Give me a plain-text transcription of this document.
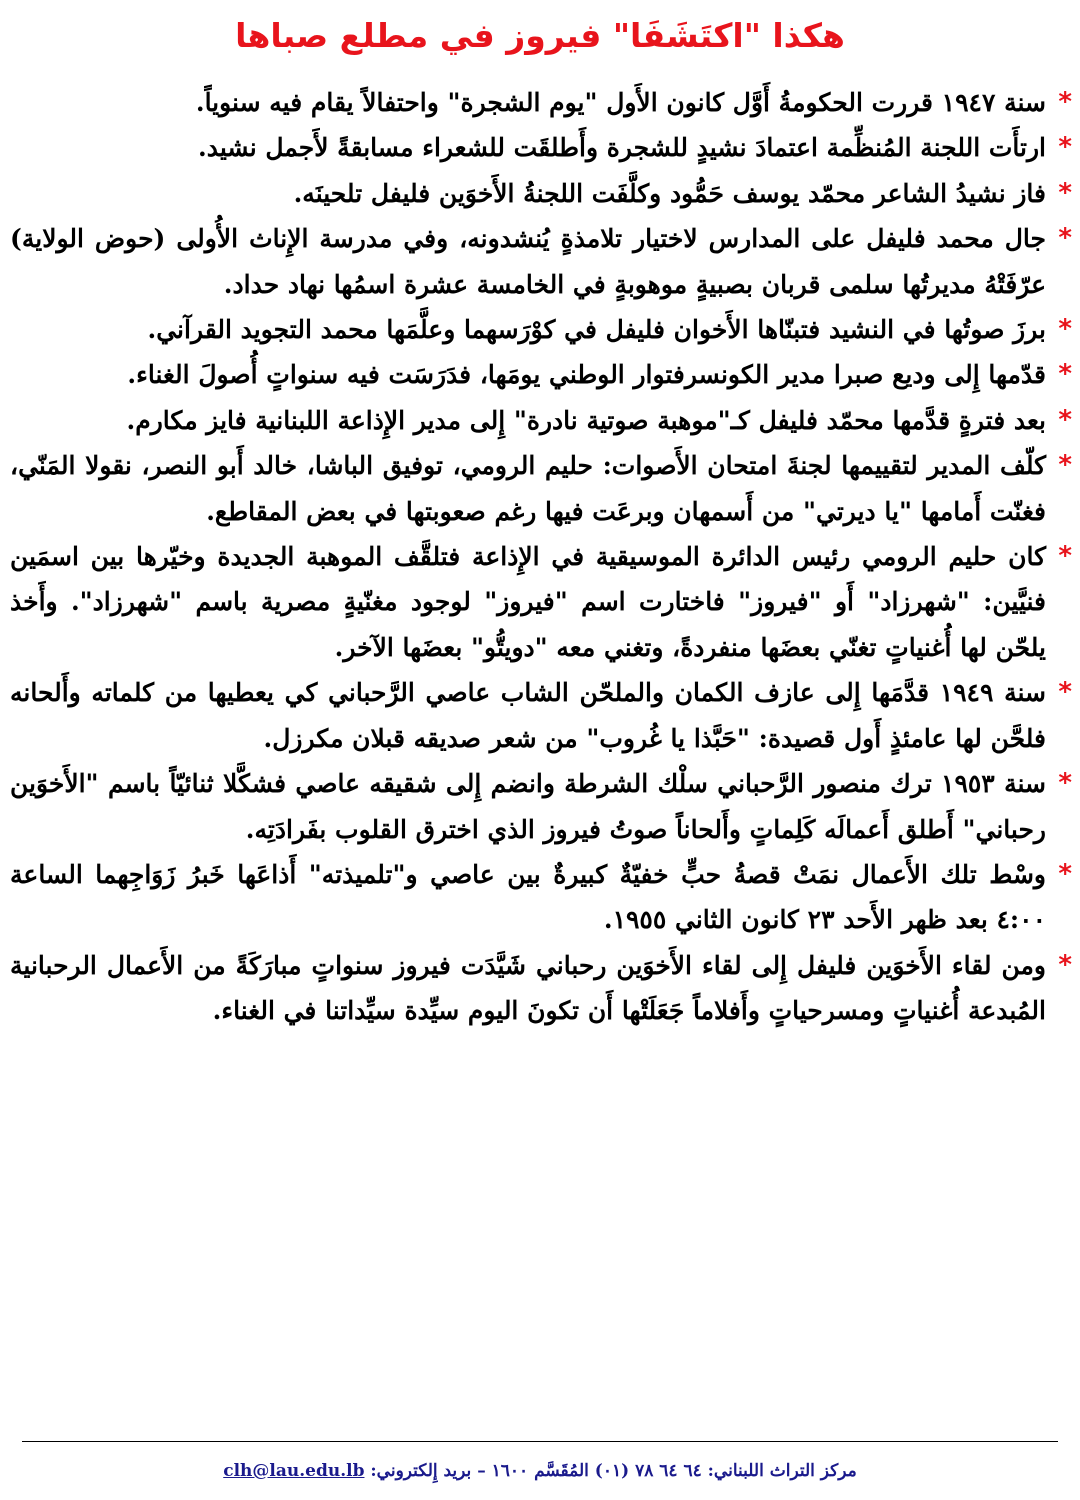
هكذا "اكتَشَفَا" فيروز في مطلع صباها

*
سنة ١٩٤٧ قررت الحكومةُ أَوَّل كانون الأَول "يوم الشجرة" واحتفالاً يقام فيه سنوياً.

*
ارتأَت اللجنة المُنظِّمة اعتمادَ نشيدٍ للشجرة وأَطلقَت للشعراء مسابقةً لأَجمل نشيد.

*
فاز نشيدُ الشاعر محمّد يوسف حَمُّود وكلَّفَت اللجنةُ الأَخوَين فليفل تلحينَه.

*
جال محمد فليفل على المدارس لاختيار تلامذةٍ يُنشدونه، وفي مدرسة الإِناث الأُولى (حوض الولاية) عرّفَتْهُ مديرتُها سلمى قربان بصبيةٍ موهوبةٍ في الخامسة عشرة اسمُها نهاد حداد.

*
برزَ صوتُها في النشيد فتبنّاها الأَخوان فليفل في كوْرَسهما وعلَّمَها محمد التجويد القرآني.

*
قدّمها إِلى وديع صبرا مدير الكونسرفتوار الوطني يومَها، فدَرَسَت فيه سنواتٍ أُصولَ الغناء.

*
بعد فترةٍ قدَّمها محمّد فليفل كـ"موهبة صوتية نادرة" إِلى مدير الإِذاعة اللبنانية فايز مكارم.

*
كلّف المدير لتقييمها لجنةَ امتحان الأَصوات: حليم الرومي، توفيق الباشا، خالد أَبو النصر، نقولا المَنّي، فغنّت أَمامها "يا ديرتي" من أَسمهان وبرعَت فيها رغم صعوبتها في بعض المقاطع.

*
كان حليم الرومي رئيس الدائرة الموسيقية في الإِذاعة فتلقَّف الموهبة الجديدة وخيّرها بين اسمَين فنيَّين: "شهرزاد" أَو "فيروز" فاختارت اسم "فيروز" لوجود مغنّيةٍ مصرية باسم "شهرزاد". وأَخذ يلحّن لها أُغنياتٍ تغنّي بعضَها منفردةً، وتغني معه "دويتُّو" بعضَها الآخر.

*
سنة ١٩٤٩ قدَّمَها إِلى عازف الكمان والملحّن الشاب عاصي الرَّحباني كي يعطيها من كلماته وأَلحانه فلحَّن لها عامئذٍ أَول قصيدة: "حَبَّذا يا غُروب" من شعر صديقه قبلان مكرزل.

*
سنة ١٩٥٣ ترك منصور الرَّحباني سلْك الشرطة وانضم إِلى شقيقه عاصي فشكَّلا ثنائيّاً باسم "الأَخوَين رحباني" أَطلق أَعمالَه كَلِماتٍ وأَلحاناً صوتُ فيروز الذي اخترق القلوب بفَرادَتِه.

*
وسْط تلك الأَعمال نمَتْ قصةُ حبٍّ خفيّةٌ كبيرةٌ بين عاصي و"تلميذته" أَذاعَها خَبرُ زَوَاجِهما الساعة ٤:٠٠ بعد ظهر الأَحد ٢٣ كانون الثاني ١٩٥٥.

*
ومن لقاء الأَخوَين فليفل إِلى لقاء الأَخوَين رحباني شَيَّدَت فيروز سنواتٍ مبارَكَةً من الأَعمال الرحبانية المُبدعة أُغنياتٍ ومسرحياتٍ وأَفلاماً جَعَلَتْها أَن تكونَ اليوم سيِّدة سيِّداتنا في الغناء.

مركز التراث اللبناني: ٦٤ ٦٤ ٧٨ (٠١) المُقَسَّم ١٦٠٠ – بريد إِلكتروني: clh@lau.edu.lb
